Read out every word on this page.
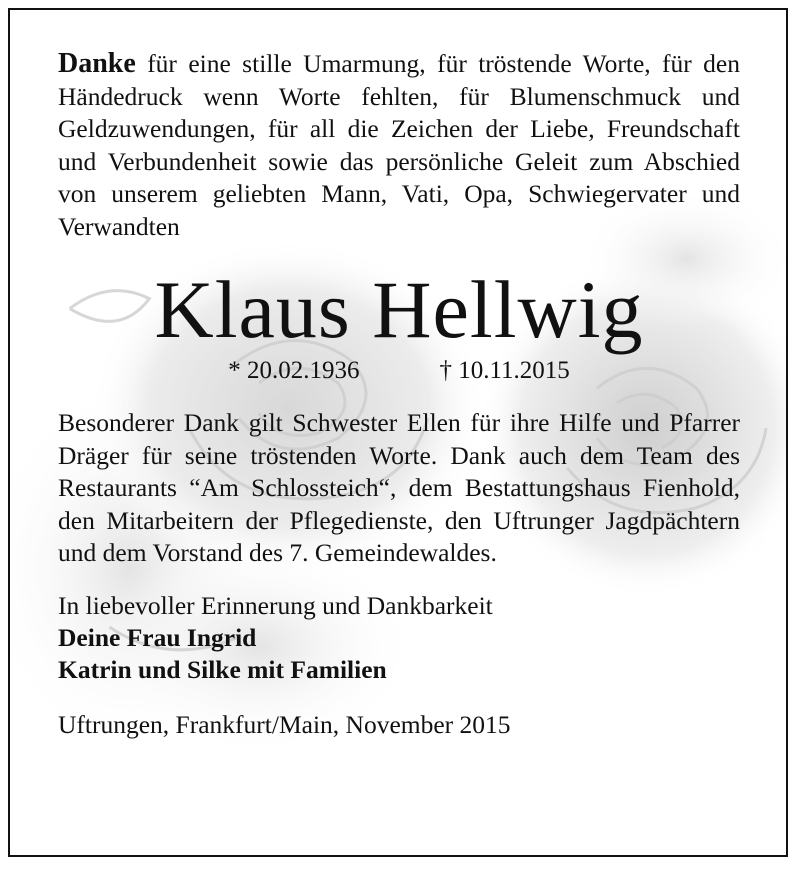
Danke für eine stille Umarmung, für tröstende Worte, für den Händedruck wenn Worte fehlten, für Blumenschmuck und Geldzuwendungen, für all die Zeichen der Liebe, Freundschaft und Verbundenheit sowie das persönliche Geleit zum Abschied von unserem geliebten Mann, Vati, Opa, Schwiegervater und Verwandten

Klaus Hellwig
* 20.02.1936	† 10.11.2015

Besonderer Dank gilt Schwester Ellen für ihre Hilfe und Pfarrer Dräger für seine tröstenden Worte. Dank auch dem Team des Restaurants “Am Schlossteich“, dem Bestattungshaus Fienhold, den Mitarbeitern der Pflegedienste, den Uftrunger Jagdpächtern und dem Vorstand des 7. Gemeindewaldes.

In liebevoller Erinnerung und Dankbarkeit
Deine Frau Ingrid
Katrin und Silke mit Familien
Uftrungen, Frankfurt/Main, November 2015
